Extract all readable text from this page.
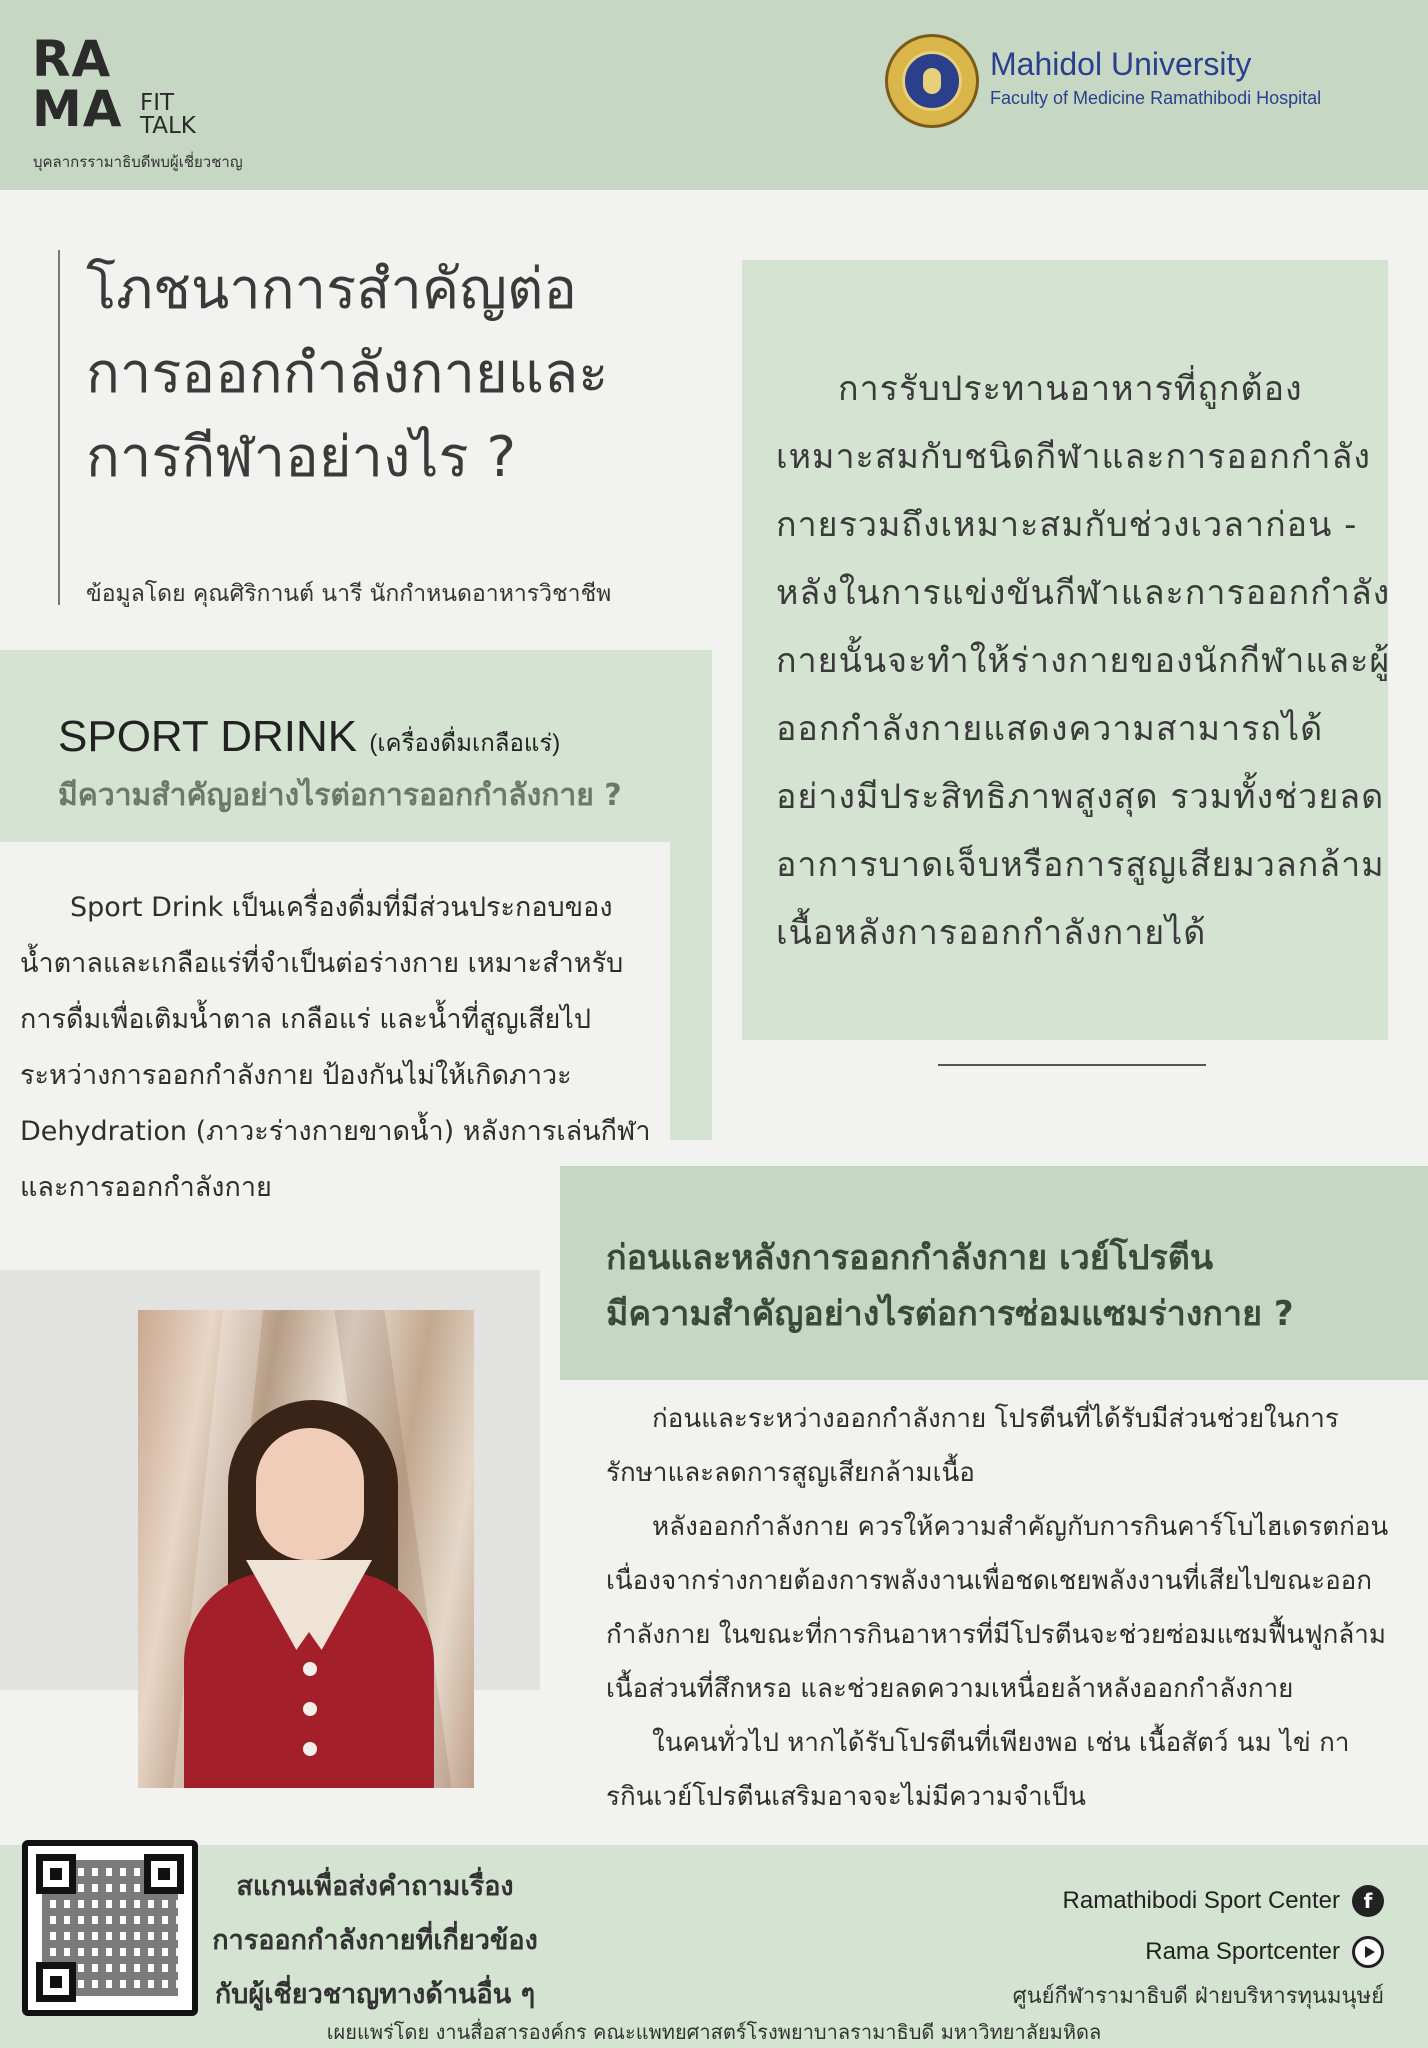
RA
MA FIT
TALK
บุคลากรรามาธิบดีพบผู้เชี่ยวชาญ
Mahidol University
Faculty of Medicine Ramathibodi Hospital
โภชนาการสำคัญต่อ
การออกกำลังกายและ
การกีฬาอย่างไร ?
ข้อมูลโดย คุณศิริกานต์ นารี นักกำหนดอาหารวิชาชีพ
การรับประทานอาหารที่ถูกต้องเหมาะสมกับชนิดกีฬาและการออกกำลังกายรวมถึงเหมาะสมกับช่วงเวลาก่อน - หลังในการแข่งขันกีฬาและการออกกำลังกายนั้นจะทำให้ร่างกายของนักกีฬาและผู้ออกกำลังกายแสดงความสามารถได้อย่างมีประสิทธิภาพสูงสุด รวมทั้งช่วยลดอาการบาดเจ็บหรือการสูญเสียมวลกล้ามเนื้อหลังการออกกำลังกายได้
SPORT DRINK (เครื่องดื่มเกลือแร่)
มีความสำคัญอย่างไรต่อการออกกำลังกาย ?
Sport Drink เป็นเครื่องดื่มที่มีส่วนประกอบของน้ำตาลและเกลือแร่ที่จำเป็นต่อร่างกาย เหมาะสำหรับการดื่มเพื่อเติมน้ำตาล เกลือแร่ และน้ำที่สูญเสียไประหว่างการออกกำลังกาย ป้องกันไม่ให้เกิดภาวะ Dehydration (ภาวะร่างกายขาดน้ำ) หลังการเล่นกีฬาและการออกกำลังกาย
ก่อนและหลังการออกกำลังกาย เวย์โปรตีน
มีความสำคัญอย่างไรต่อการซ่อมแซมร่างกาย ?
ก่อนและระหว่างออกกำลังกาย โปรตีนที่ได้รับมีส่วนช่วยในการรักษาและลดการสูญเสียกล้ามเนื้อ
หลังออกกำลังกาย ควรให้ความสำคัญกับการกินคาร์โบไฮเดรตก่อน เนื่องจากร่างกายต้องการพลังงานเพื่อชดเชยพลังงานที่เสียไปขณะออกกำลังกาย ในขณะที่การกินอาหารที่มีโปรตีนจะช่วยซ่อมแซมฟื้นฟูกล้ามเนื้อส่วนที่สึกหรอ และช่วยลดความเหนื่อยล้าหลังออกกำลังกาย
ในคนทั่วไป หากได้รับโปรตีนที่เพียงพอ เช่น เนื้อสัตว์ นม ไข่ การกินเวย์โปรตีนเสริมอาจจะไม่มีความจำเป็น
สแกนเพื่อส่งคำถามเรื่อง
การออกกำลังกายที่เกี่ยวข้อง
กับผู้เชี่ยวชาญทางด้านอื่น ๆ
Ramathibodi Sport Center	f
Rama Sportcenter
ศูนย์กีฬารามาธิบดี ฝ่ายบริหารทุนมนุษย์
เผยแพร่โดย งานสื่อสารองค์กร คณะแพทยศาสตร์โรงพยาบาลรามาธิบดี มหาวิทยาลัยมหิดล
